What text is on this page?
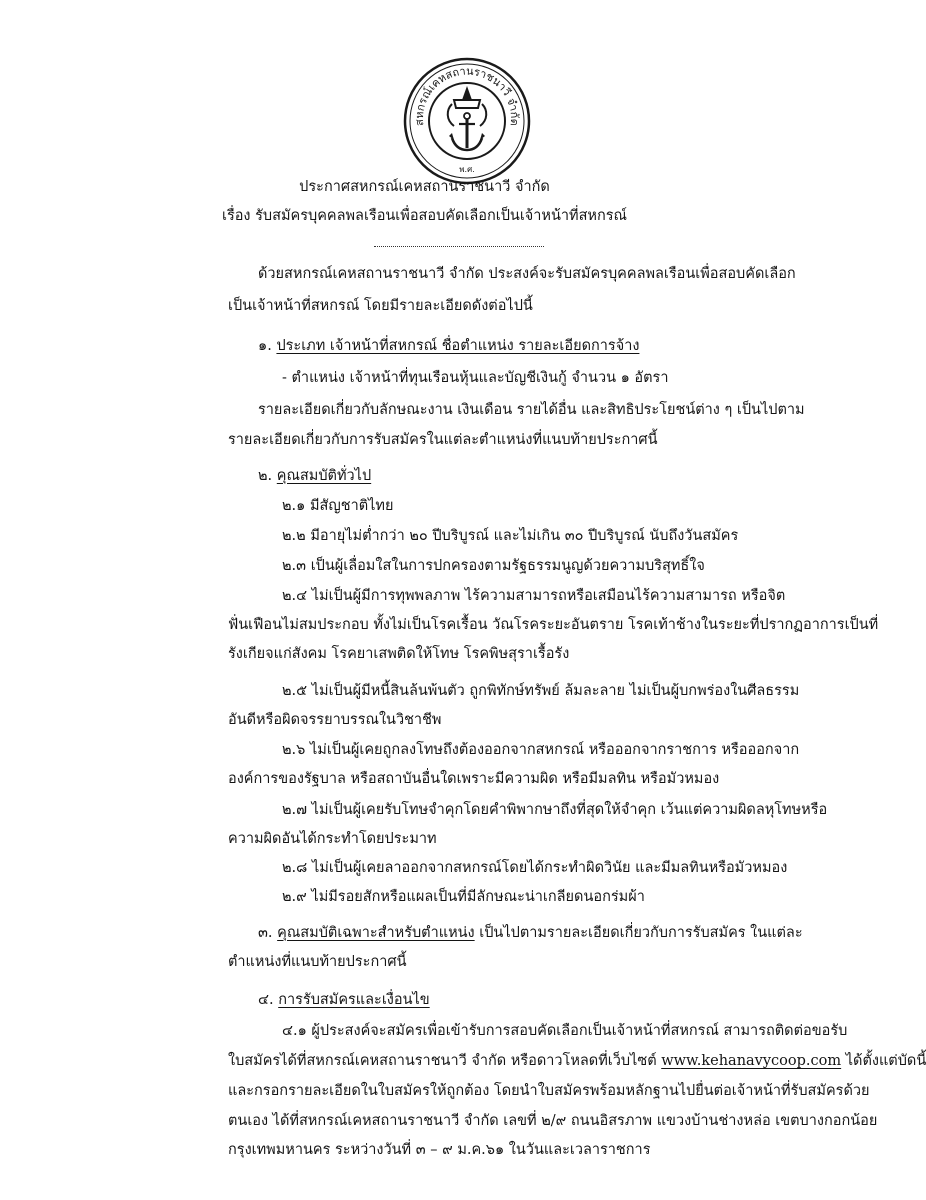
สหกรณ์เคหสถานราชนาวี จำกัด
พ.ศ.
ประกาศสหกรณ์เคหสถานราชนาวี จำกัด
เรื่อง รับสมัครบุคคลพลเรือนเพื่อสอบคัดเลือกเป็นเจ้าหน้าที่สหกรณ์
ด้วยสหกรณ์เคหสถานราชนาวี จำกัด ประสงค์จะรับสมัครบุคคลพลเรือนเพื่อสอบคัดเลือก
เป็นเจ้าหน้าที่สหกรณ์ โดยมีรายละเอียดดังต่อไปนี้
๑. ประเภท เจ้าหน้าที่สหกรณ์ ชื่อตำแหน่ง รายละเอียดการจ้าง
- ตำแหน่ง เจ้าหน้าที่ทุนเรือนหุ้นและบัญชีเงินกู้ จำนวน ๑ อัตรา
รายละเอียดเกี่ยวกับลักษณะงาน เงินเดือน รายได้อื่น และสิทธิประโยชน์ต่าง ๆ เป็นไปตาม
รายละเอียดเกี่ยวกับการรับสมัครในแต่ละตำแหน่งที่แนบท้ายประกาศนี้
๒. คุณสมบัติทั่วไป
๒.๑ มีสัญชาติไทย
๒.๒ มีอายุไม่ต่ำกว่า ๒๐ ปีบริบูรณ์ และไม่เกิน ๓๐ ปีบริบูรณ์ นับถึงวันสมัคร
๒.๓ เป็นผู้เลื่อมใสในการปกครองตามรัฐธรรมนูญด้วยความบริสุทธิ์ใจ
๒.๔ ไม่เป็นผู้มีการทุพพลภาพ ไร้ความสามารถหรือเสมือนไร้ความสามารถ หรือจิต
ฟั่นเฟือนไม่สมประกอบ ทั้งไม่เป็นโรคเรื้อน วัณโรคระยะอันตราย โรคเท้าช้างในระยะที่ปรากฏอาการเป็นที่
รังเกียจแก่สังคม โรคยาเสพติดให้โทษ โรคพิษสุราเรื้อรัง
๒.๕ ไม่เป็นผู้มีหนี้สินล้นพ้นตัว ถูกพิทักษ์ทรัพย์ ล้มละลาย ไม่เป็นผู้บกพร่องในศีลธรรม
อันดีหรือผิดจรรยาบรรณในวิชาชีพ
๒.๖ ไม่เป็นผู้เคยถูกลงโทษถึงต้องออกจากสหกรณ์ หรือออกจากราชการ หรือออกจาก
องค์การของรัฐบาล หรือสถาบันอื่นใดเพราะมีความผิด หรือมีมลทิน หรือมัวหมอง
๒.๗ ไม่เป็นผู้เคยรับโทษจำคุกโดยคำพิพากษาถึงที่สุดให้จำคุก เว้นแต่ความผิดลหุโทษหรือ
ความผิดอันได้กระทำโดยประมาท
๒.๘ ไม่เป็นผู้เคยลาออกจากสหกรณ์โดยได้กระทำผิดวินัย และมีมลทินหรือมัวหมอง
๒.๙ ไม่มีรอยสักหรือแผลเป็นที่มีลักษณะน่าเกลียดนอกร่มผ้า
๓. คุณสมบัติเฉพาะสำหรับตำแหน่ง เป็นไปตามรายละเอียดเกี่ยวกับการรับสมัคร ในแต่ละ
ตำแหน่งที่แนบท้ายประกาศนี้
๔. การรับสมัครและเงื่อนไข
๔.๑ ผู้ประสงค์จะสมัครเพื่อเข้ารับการสอบคัดเลือกเป็นเจ้าหน้าที่สหกรณ์ สามารถติดต่อขอรับ
ใบสมัครได้ที่สหกรณ์เคหสถานราชนาวี จำกัด หรือดาวโหลดที่เว็บไซต์ www.kehanavycoop.com ได้ตั้งแต่บัดนี้
และกรอกรายละเอียดในใบสมัครให้ถูกต้อง โดยนำใบสมัครพร้อมหลักฐานไปยื่นต่อเจ้าหน้าที่รับสมัครด้วย
ตนเอง ได้ที่สหกรณ์เคหสถานราชนาวี จำกัด เลขที่ ๒/๙ ถนนอิสรภาพ แขวงบ้านช่างหล่อ เขตบางกอกน้อย
กรุงเทพมหานคร ระหว่างวันที่ ๓ – ๙ ม.ค.๖๑ ในวันและเวลาราชการ
